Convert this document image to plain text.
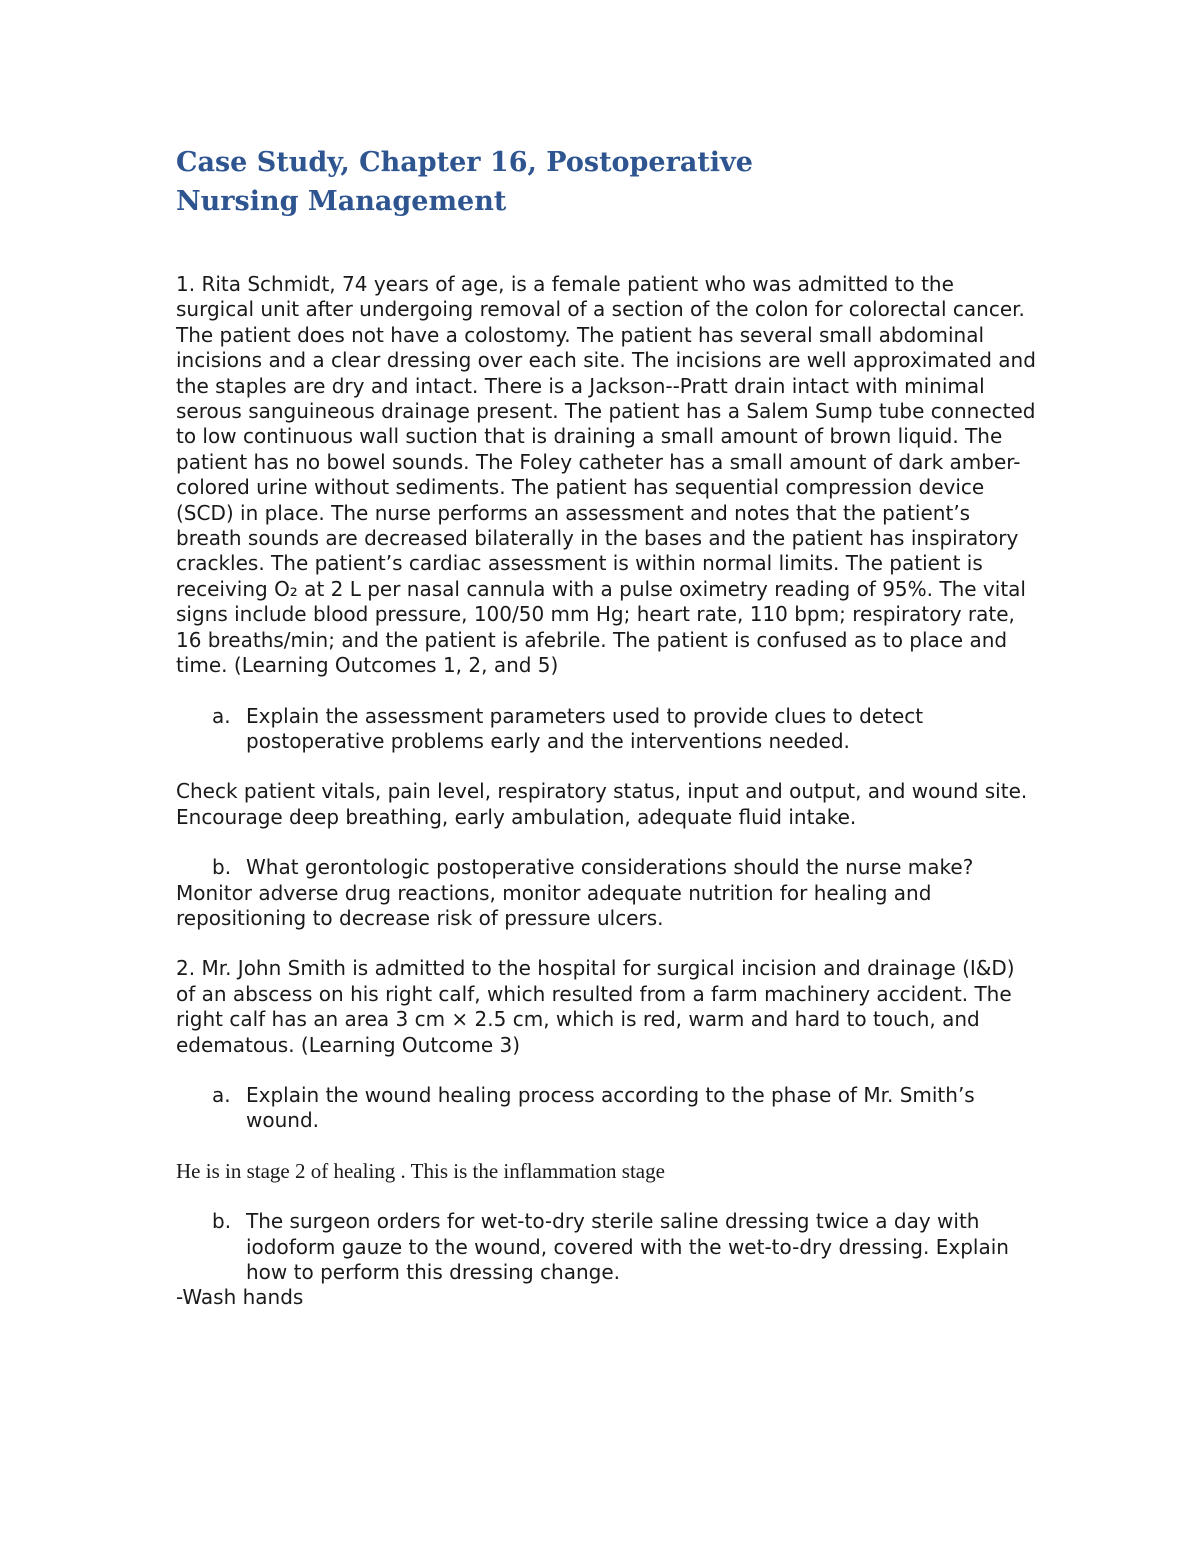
Case Study, Chapter 16, Postoperative Nursing Management

1. Rita Schmidt, 74 years of age, is a female patient who was admitted to the surgical unit after undergoing removal of a section of the colon for colorectal cancer. The patient does not have a colostomy. The patient has several small abdominal incisions and a clear dressing over each site. The incisions are well approximated and the staples are dry and intact. There is a Jackson--Pratt drain intact with minimal serous sanguineous drainage present. The patient has a Salem Sump tube connected to low continuous wall suction that is draining a small amount of brown liquid. The patient has no bowel sounds. The Foley catheter has a small amount of dark amber-colored urine without sediments. The patient has sequential compression device (SCD) in place. The nurse performs an assessment and notes that the patient’s breath sounds are decreased bilaterally in the bases and the patient has inspiratory crackles. The patient’s cardiac assessment is within normal limits. The patient is receiving O₂ at 2 L per nasal cannula with a pulse oximetry reading of 95%. The vital signs include blood pressure, 100/50 mm Hg; heart rate, 110 bpm; respiratory rate, 16 breaths/min; and the patient is afebrile. The patient is confused as to place and time. (Learning Outcomes 1, 2, and 5)

a. Explain the assessment parameters used to provide clues to detect postoperative problems early and the interventions needed.

Check patient vitals, pain level, respiratory status, input and output, and wound site. Encourage deep breathing, early ambulation, adequate fluid intake.

b. What gerontologic postoperative considerations should the nurse make?

Monitor adverse drug reactions, monitor adequate nutrition for healing and repositioning to decrease risk of pressure ulcers.

2. Mr. John Smith is admitted to the hospital for surgical incision and drainage (I&D) of an abscess on his right calf, which resulted from a farm machinery accident. The right calf has an area 3 cm × 2.5 cm, which is red, warm and hard to touch, and edematous. (Learning Outcome 3)

a. Explain the wound healing process according to the phase of Mr. Smith’s wound.

He is in stage 2 of healing . This is the inflammation stage

b. The surgeon orders for wet-to-dry sterile saline dressing twice a day with iodoform gauze to the wound, covered with the wet-to-dry dressing. Explain how to perform this dressing change.

-Wash hands
